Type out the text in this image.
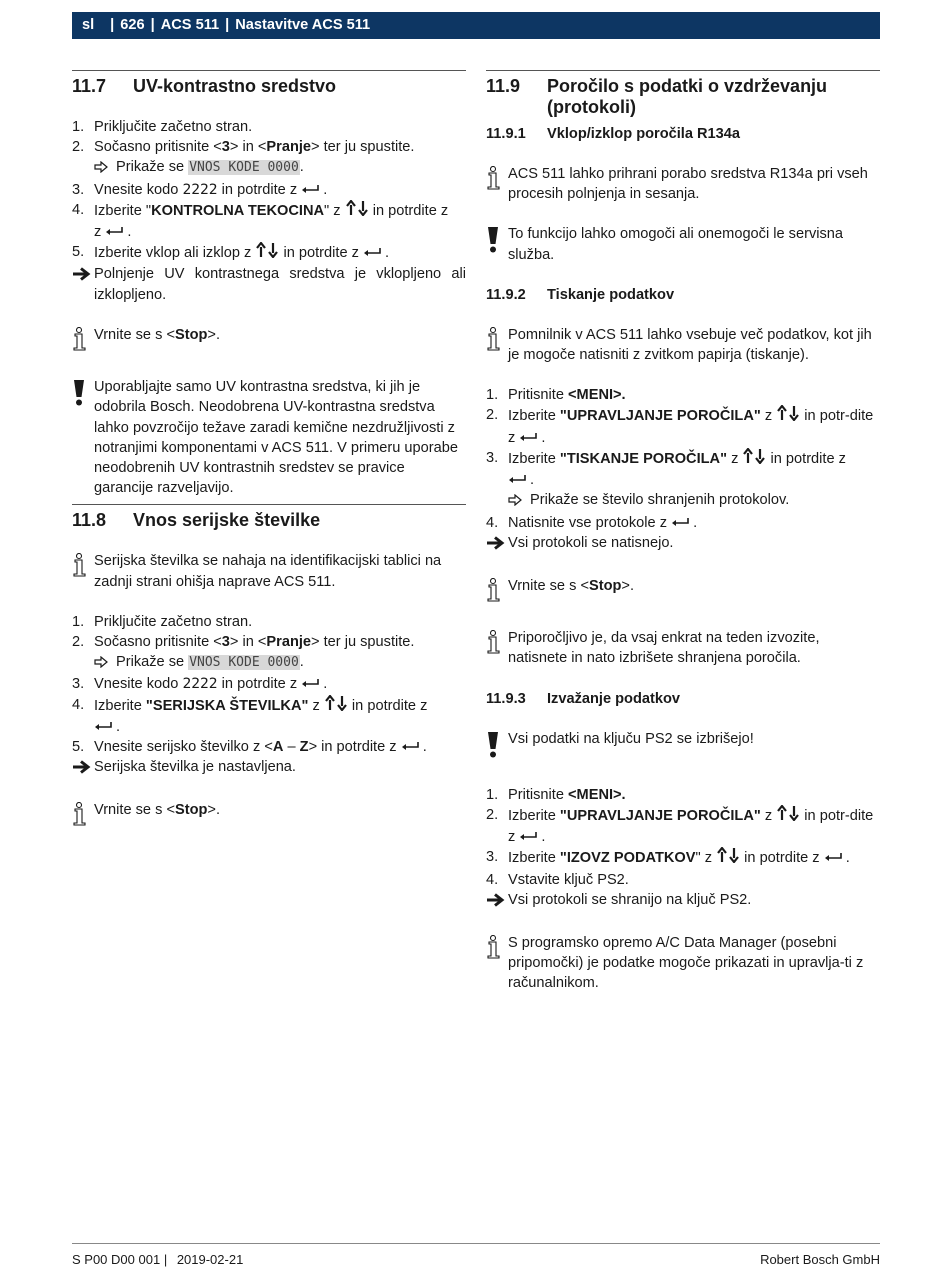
sl | 626 | ACS 511 | Nastavitve ACS 511
11.7	UV-kontrastno sredstvo
1. Priključite začetno stran.
2. Sočasno pritisnite <3> in <Pranje> ter ju spustite.
Prikaže se VNOS KODE 0000.
3. Vnesite kodo 2222 in potrdite z  .
4. Izberite "KONTROLNA TEKOCINA" z in potrdite z
z  .
5. Izberite vklop ali izklop z in potrdite z  .
Polnjenje UV kontrastnega sredstva je vklopljeno ali izklopljeno.
Vrnite se s <Stop>.
Uporabljajte samo UV kontrastna sredstva, ki jih je odobrila Bosch. Neodobrena UV-kontrastna sredstva lahko povzročijo težave zaradi kemične nezdružljivosti z notranjimi komponentami v ACS 511. V primeru uporabe neodobrenih UV kontrastnih sredstev se pravice garancije razveljavijo.
11.8	Vnos serijske številke
Serijska številka se nahaja na identifikacijski tablici na zadnji strani ohišja naprave ACS 511.
1. Priključite začetno stran.
2. Sočasno pritisnite <3> in <Pranje> ter ju spustite.
Prikaže se VNOS KODE 0000.
3. Vnesite kodo 2222 in potrdite z  .
4. Izberite "SERIJSKA ŠTEVILKA" z in potrdite z
.
5. Vnesite serijsko številko z <A – Z> in potrdite z  .
Serijska številka je nastavljena.
Vrnite se s <Stop>.
11.9	Poročilo s podatki o vzdrževanju (protokoli)
11.9.1	Vklop/izklop poročila R134a
ACS 511 lahko prihrani porabo sredstva R134a pri vseh procesih polnjenja in sesanja.
To funkcijo lahko omogoči ali onemogoči le servisna služba.
11.9.2	Tiskanje podatkov
Pomnilnik v ACS 511 lahko vsebuje več podatkov, kot jih je mogoče natisniti z zvitkom papirja (tiskanje).
1. Pritisnite <MENI>.
2. Izberite "UPRAVLJANJE POROČILA" z in potr-dite z  .
3. Izberite "TISKANJE POROČILA" z in potrdite z
.
Prikaže se število shranjenih protokolov.
4. Natisnite vse protokole z  .
Vsi protokoli se natisnejo.
Vrnite se s <Stop>.
Priporočljivo je, da vsaj enkrat na teden izvozite, natisnete in nato izbrišete shranjena poročila.
11.9.3	Izvažanje podatkov
Vsi podatki na ključu PS2 se izbrišejo!
1. Pritisnite <MENI>.
2. Izberite "UPRAVLJANJE POROČILA" z in potr-dite z  .
3. Izberite "IZOVZ PODATKOV" z in potrdite z  .
4. Vstavite ključ PS2.
Vsi protokoli se shranijo na ključ PS2.
S programsko opremo A/C Data Manager (posebni pripomočki) je podatke mogoče prikazati in upravlja-ti z računalnikom.
S P00 D00 001 | 2019-02-21	Robert Bosch GmbH
